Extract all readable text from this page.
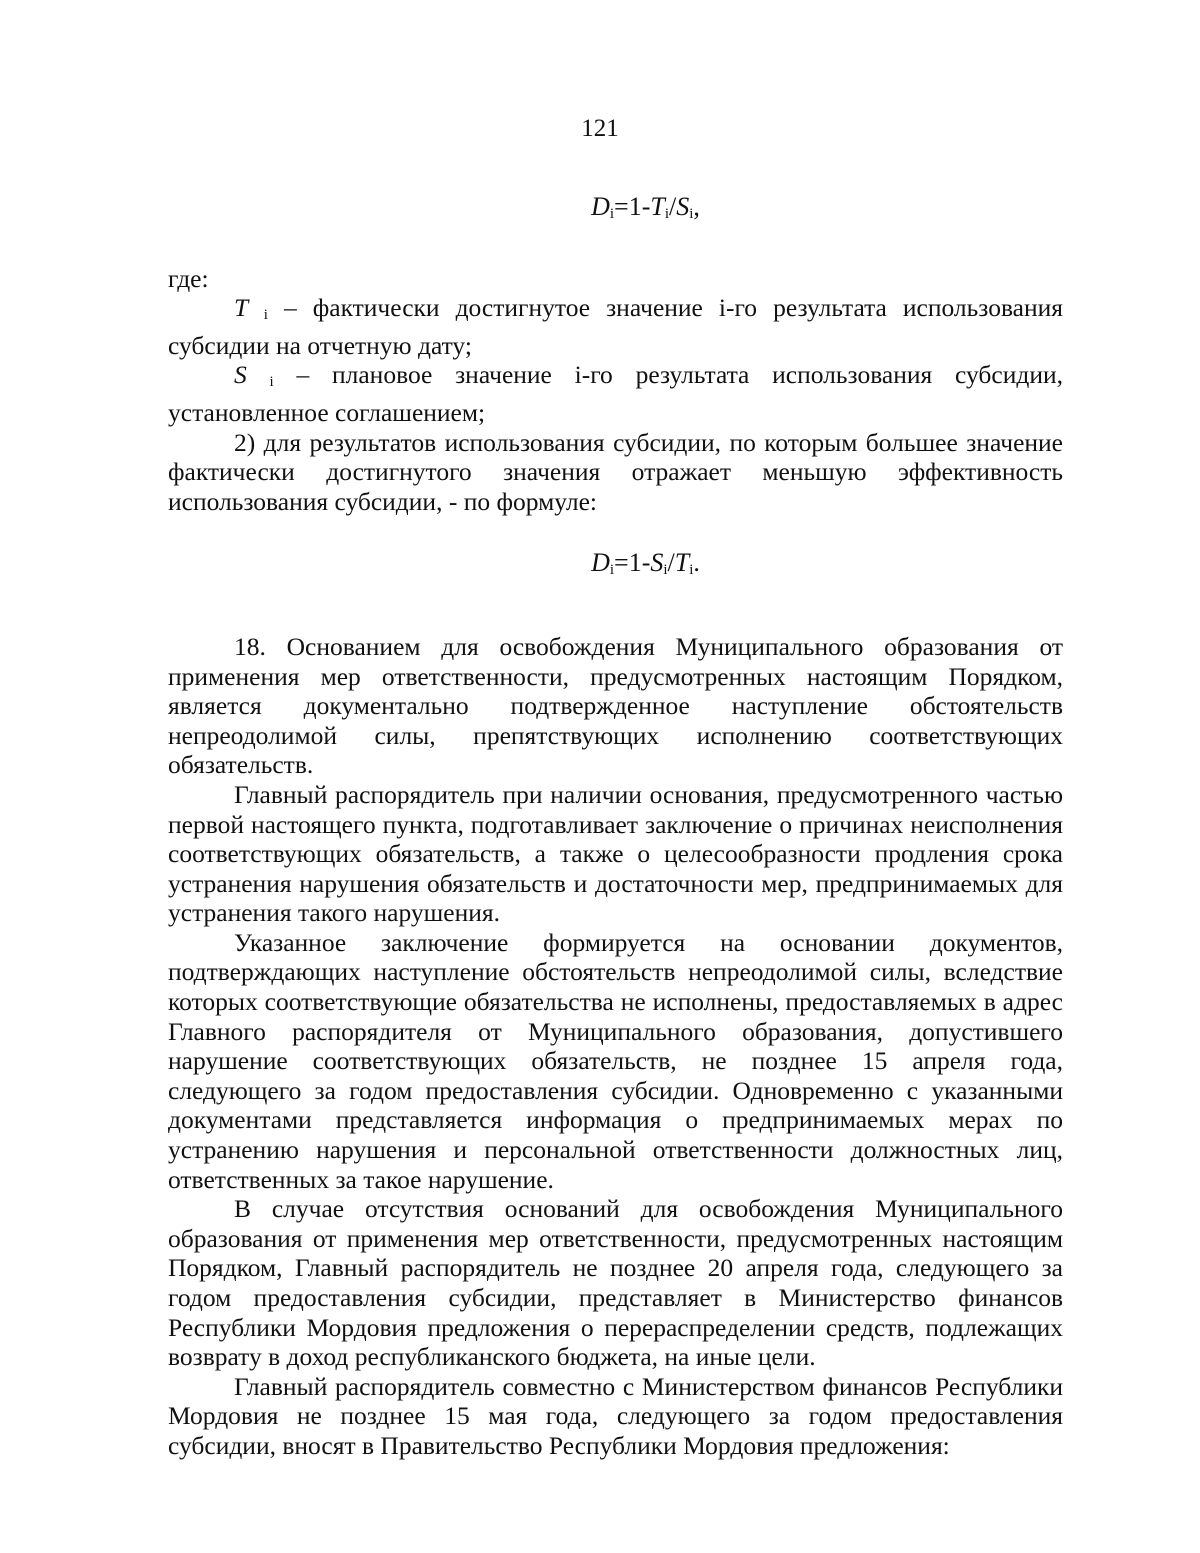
121
$D_i=1-T_i/S_i$,

где:

T $_i$ – фактически достигнутое значение i-го результата использования субсидии на отчетную дату;

S $_i$ – плановое значение i-го результата использования субсидии, установленное соглашением;

2) для результатов использования субсидии, по которым большее значение фактически достигнутого значения отражает меньшую эффективность использования субсидии, - по формуле:

$D_i=1-S_i/T_i$.

18. Основанием для освобождения Муниципального образования от применения мер ответственности, предусмотренных настоящим Порядком, является документально подтвержденное наступление обстоятельств непреодолимой силы, препятствующих исполнению соответствующих обязательств.

Главный распорядитель при наличии основания, предусмотренного частью первой настоящего пункта, подготавливает заключение о причинах неисполнения соответствующих обязательств, а также о целесообразности продления срока устранения нарушения обязательств и достаточности мер, предпринимаемых для устранения такого нарушения.

Указанное заключение формируется на основании документов, подтверждающих наступление обстоятельств непреодолимой силы, вследствие которых соответствующие обязательства не исполнены, предоставляемых в адрес Главного распорядителя от Муниципального образования, допустившего нарушение соответствующих обязательств, не позднее 15 апреля года, следующего за годом предоставления субсидии. Одновременно с указанными документами представляется информация о предпринимаемых мерах по устранению нарушения и персональной ответственности должностных лиц, ответственных за такое нарушение.

В случае отсутствия оснований для освобождения Муниципального образования от применения мер ответственности, предусмотренных настоящим Порядком, Главный распорядитель не позднее 20 апреля года, следующего за годом предоставления субсидии, представляет в Министерство финансов Республики Мордовия предложения о перераспределении средств, подлежащих возврату в доход республиканского бюджета, на иные цели.

Главный распорядитель совместно с Министерством финансов Республики Мордовия не позднее 15 мая года, следующего за годом предоставления субсидии, вносят в Правительство Республики Мордовия предложения:
